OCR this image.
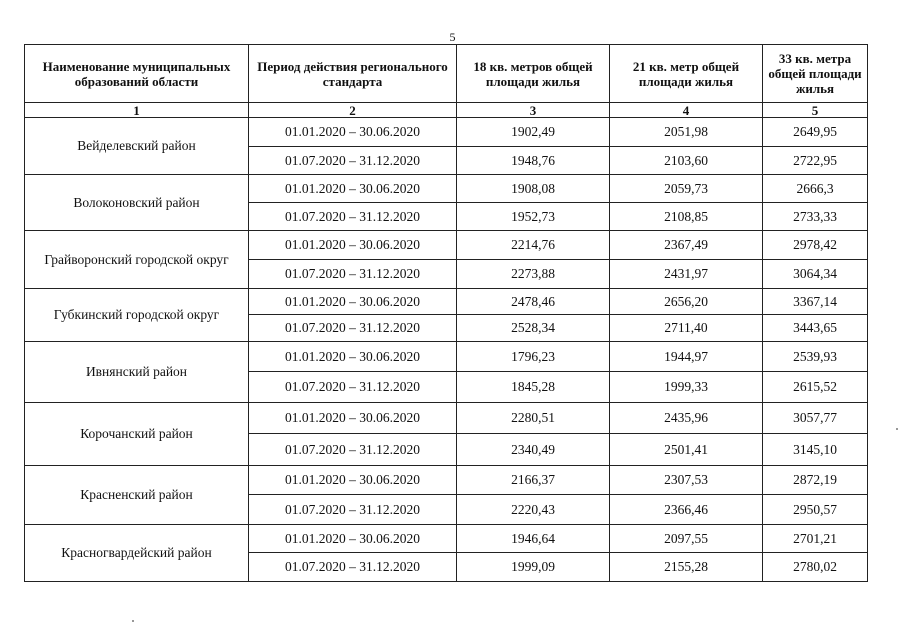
5
Наименование муниципальных образований области	Период действия регионального стандарта	18 кв. метров общей площади жилья	21 кв. метр общей площади жилья	33 кв. метра общей площади жилья
1	2	3	4	5
Вейделевский район	01.01.2020 – 30.06.2020	1902,49	2051,98	2649,95
	01.07.2020 – 31.12.2020	1948,76	2103,60	2722,95
Волоконовский район	01.01.2020 – 30.06.2020	1908,08	2059,73	2666,3
	01.07.2020 – 31.12.2020	1952,73	2108,85	2733,33
Грайворонский городской округ	01.01.2020 – 30.06.2020	2214,76	2367,49	2978,42
	01.07.2020 – 31.12.2020	2273,88	2431,97	3064,34
Губкинский городской округ	01.01.2020 – 30.06.2020	2478,46	2656,20	3367,14
	01.07.2020 – 31.12.2020	2528,34	2711,40	3443,65
Ивнянский район	01.01.2020 – 30.06.2020	1796,23	1944,97	2539,93
	01.07.2020 – 31.12.2020	1845,28	1999,33	2615,52
Корочанский район	01.01.2020 – 30.06.2020	2280,51	2435,96	3057,77
	01.07.2020 – 31.12.2020	2340,49	2501,41	3145,10
Красненский район	01.01.2020 – 30.06.2020	2166,37	2307,53	2872,19
	01.07.2020 – 31.12.2020	2220,43	2366,46	2950,57
Красногвардейский район	01.01.2020 – 30.06.2020	1946,64	2097,55	2701,21
	01.07.2020 – 31.12.2020	1999,09	2155,28	2780,02
